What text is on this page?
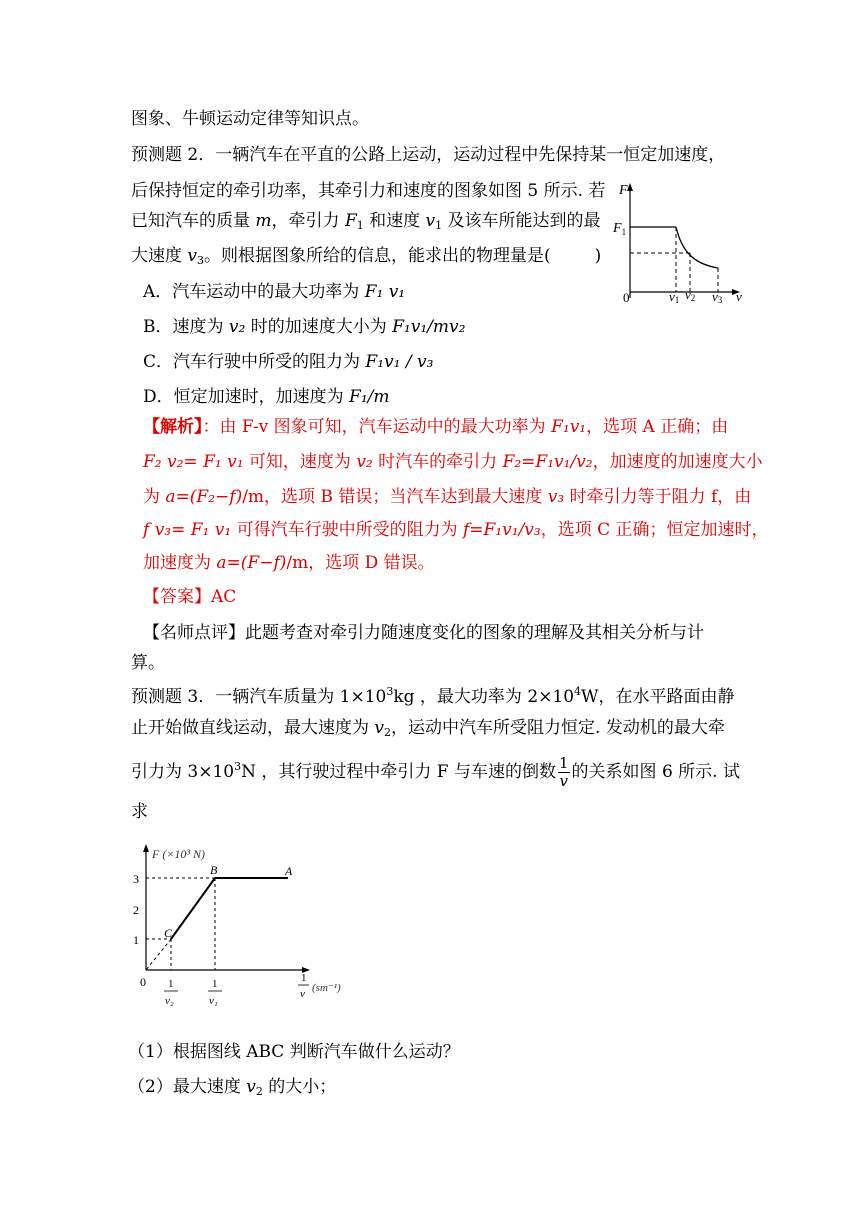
图象、牛顿运动定律等知识点。
预测题 2．一辆汽车在平直的公路上运动，运动过程中先保持某一恒定加速度，
后保持恒定的牵引功率，其牵引力和速度的图象如图 5 所示. 若
已知汽车的质量 m，牵引力 $F_1$ 和速度 $v_1$ 及该车所能达到的最
大速度 $v_3$。则根据图象所给的信息，能求出的物理量是(	)
A．汽车运动中的最大功率为 F₁ v₁
B．速度为 v₂ 时的加速度大小为 F₁v₁/mv₂
C．汽车行驶中所受的阻力为 F₁v₁ / v₃
D．恒定加速时，加速度为 F₁/m
F
$F_1$
0	v1 v2 v3 v
【解析】：由 F-v 图象可知，汽车运动中的最大功率为 F₁v₁，选项 A 正确；由
F₂ v₂= F₁ v₁ 可知，速度为 v₂ 时汽车的牵引力 F₂=F₁v₁/v₂，加速度的加速度大小
为 a=(F₂−f)/m，选项 B 错误；当汽车达到最大速度 v₃ 时牵引力等于阻力 f，由
f v₃= F₁ v₁ 可得汽车行驶中所受的阻力为 f=F₁v₁/v₃，选项 C 正确；恒定加速时，
加速度为 a=(F−f)/m，选项 D 错误。
【答案】AC
【名师点评】此题考查对牵引力随速度变化的图象的理解及其相关分析与计
算。
预测题 3．一辆汽车质量为 $1\times 10^3kg$ ，最大功率为 $2\times 10^4W$，在水平路面由静
止开始做直线运动，最大速度为 $v_2$，运动中汽车所受阻力恒定. 发动机的最大牵
引力为 $3\times 10^3N$ ，其行驶过程中牵引力 F 与车速的倒数 $\frac{1}{v}$ 的关系如图 6 所示. 试
求
F (×10³ N)
3
2
1
0
A
B
C
1
v₂
1
v₁
1
v (sm⁻¹)
（1）根据图线 ABC 判断汽车做什么运动？
（2）最大速度 $v_2$ 的大小；
